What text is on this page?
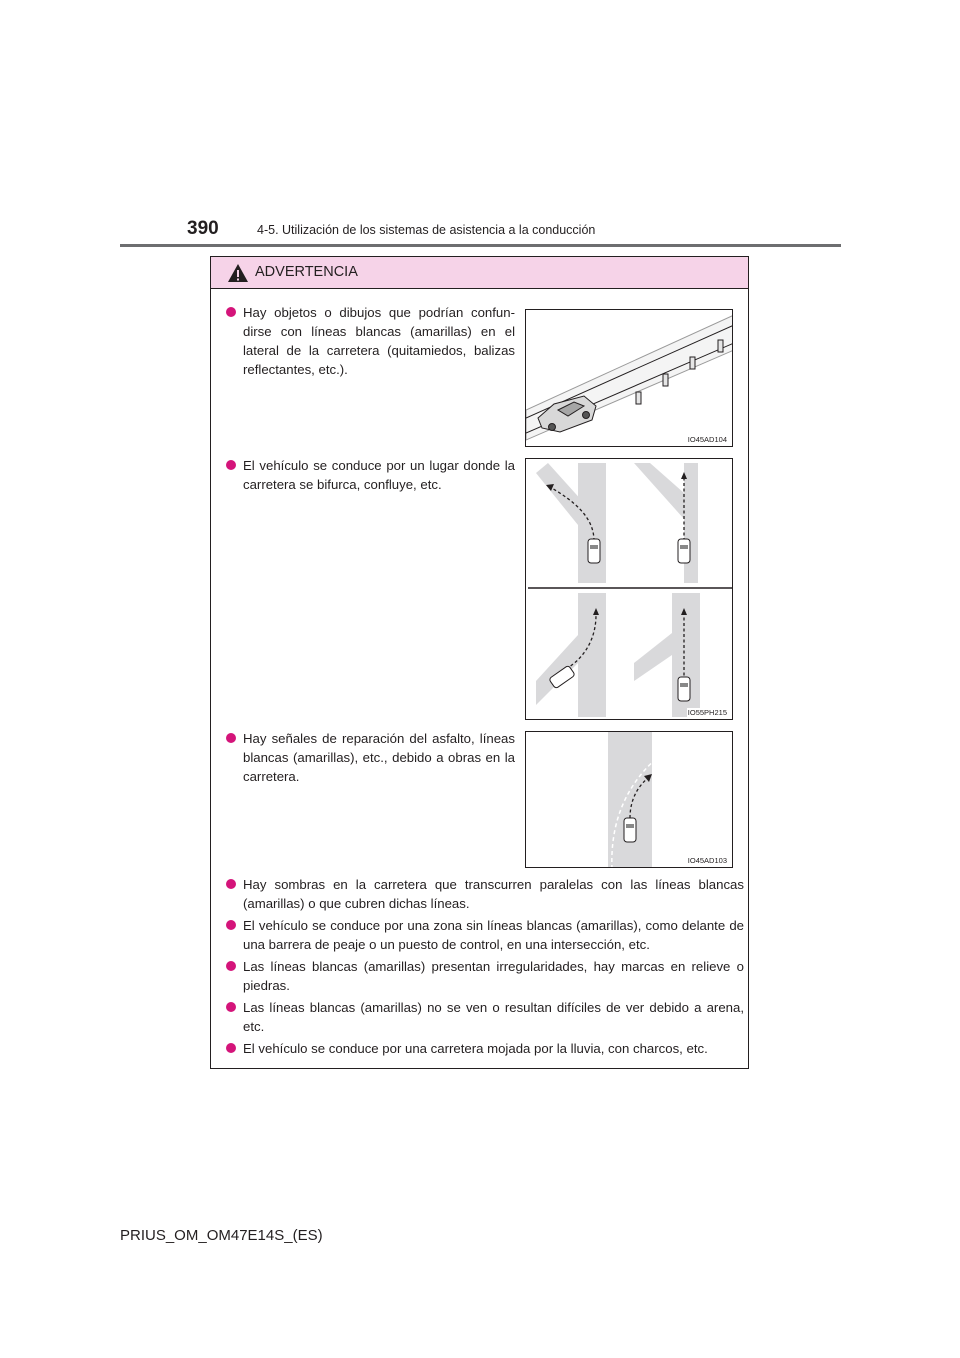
390	4-5. Utilización de los sistemas de asistencia a la conducción
ADVERTENCIA
Hay objetos o dibujos que podrían confun-dirse con líneas blancas (amarillas) en el lateral de la carretera (quitamiedos, balizas reflectantes, etc.).
IO45AD104
El vehículo se conduce por un lugar donde la carretera se bifurca, confluye, etc.
IO55PH215
Hay señales de reparación del asfalto, líneas blancas (amarillas), etc., debido a obras en la carretera.
IO45AD103
Hay sombras en la carretera que transcurren paralelas con las líneas blancas (amarillas) o que cubren dichas líneas.
El vehículo se conduce por una zona sin líneas blancas (amarillas), como delante de una barrera de peaje o un puesto de control, en una intersección, etc.
Las líneas blancas (amarillas) presentan irregularidades, hay marcas en relieve o piedras.
Las líneas blancas (amarillas) no se ven o resultan difíciles de ver debido a arena, etc.
El vehículo se conduce por una carretera mojada por la lluvia, con charcos, etc.
PRIUS_OM_OM47E14S_(ES)
